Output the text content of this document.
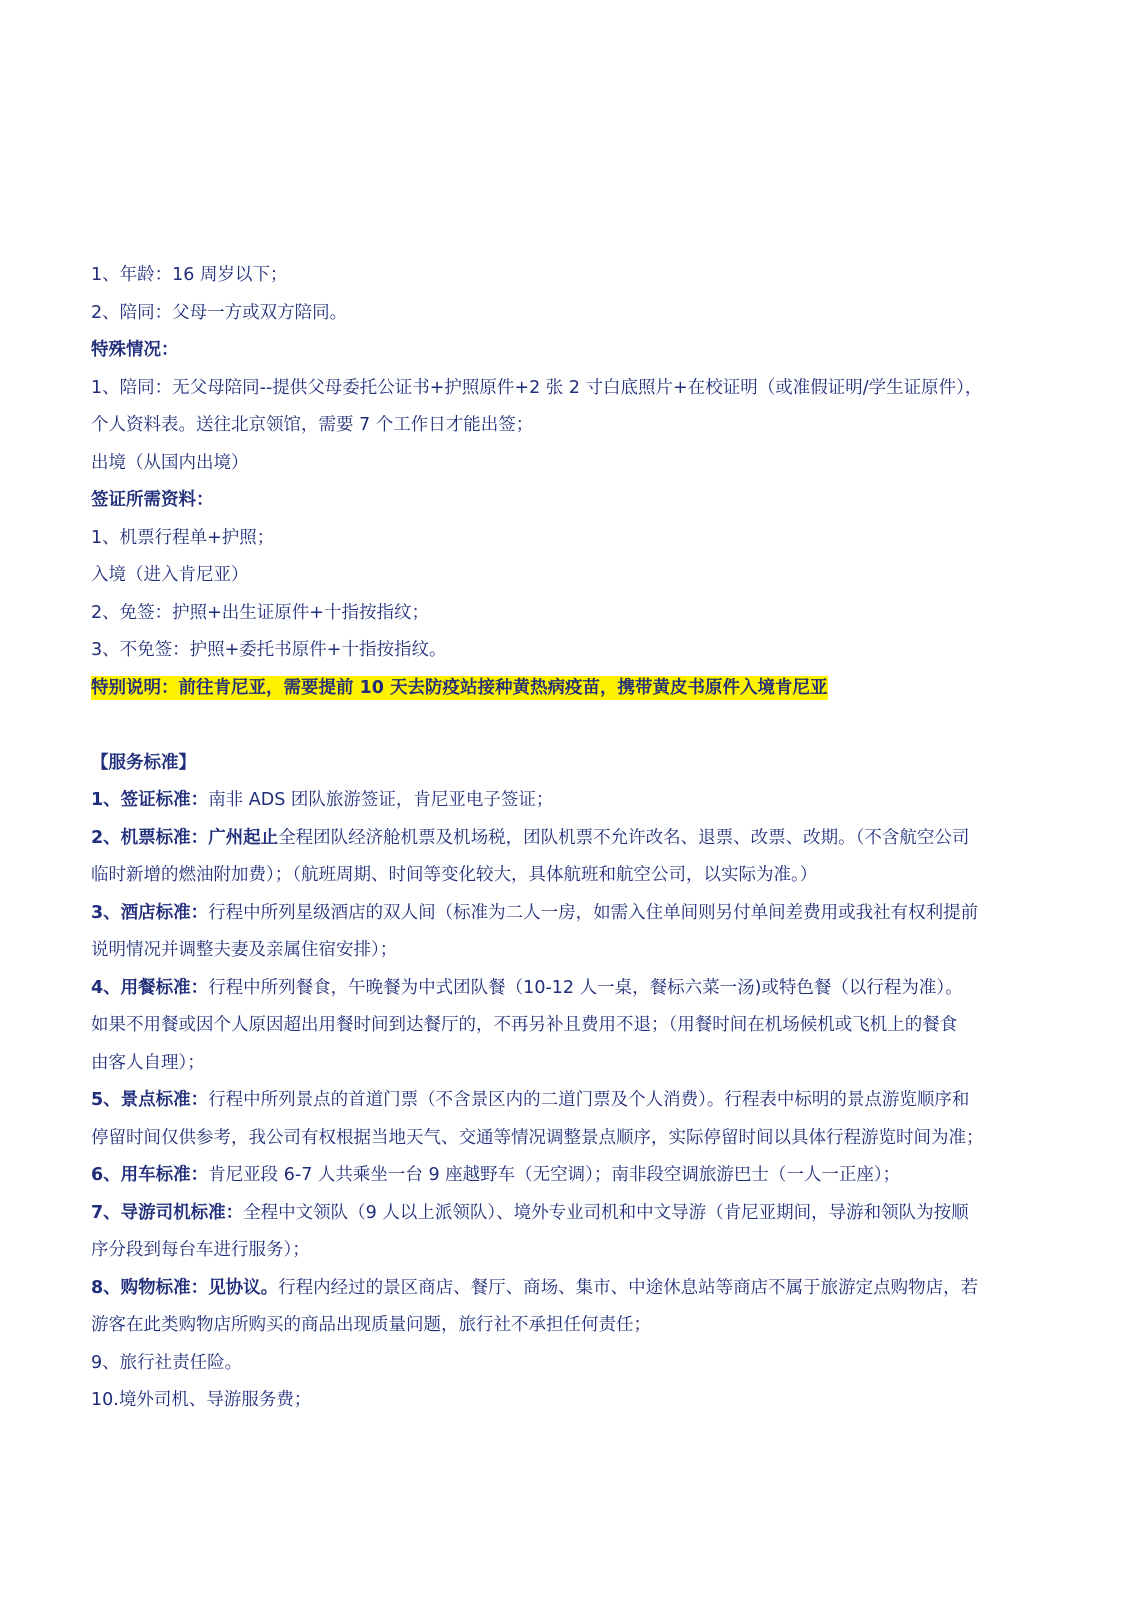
1、年龄：16 周岁以下；

2、陪同：父母一方或双方陪同。

特殊情况：

1、陪同：无父母陪同--提供父母委托公证书+护照原件+2 张 2 寸白底照片+在校证明（或准假证明/学生证原件），

个人资料表。送往北京领馆，需要 7 个工作日才能出签；

出境（从国内出境）

签证所需资料：

1、机票行程单+护照；

入境（进入肯尼亚）

2、免签：护照+出生证原件+十指按指纹；

3、不免签：护照+委托书原件+十指按指纹。

特别说明：前往肯尼亚，需要提前 10 天去防疫站接种黄热病疫苗，携带黄皮书原件入境肯尼亚

【服务标准】

1、签证标准：南非 ADS 团队旅游签证，肯尼亚电子签证；

2、机票标准：广州起止全程团队经济舱机票及机场税，团队机票不允许改名、退票、改票、改期。（不含航空公司

临时新增的燃油附加费）；（航班周期、时间等变化较大，具体航班和航空公司，以实际为准。）

3、酒店标准：行程中所列星级酒店的双人间（标准为二人一房，如需入住单间则另付单间差费用或我社有权利提前

说明情况并调整夫妻及亲属住宿安排）；

4、用餐标准：行程中所列餐食，午晚餐为中式团队餐（10-12 人一桌，餐标六菜一汤)或特色餐（以行程为准）。

如果不用餐或因个人原因超出用餐时间到达餐厅的，不再另补且费用不退；（用餐时间在机场候机或飞机上的餐食

由客人自理）；

5、景点标准：行程中所列景点的首道门票（不含景区内的二道门票及个人消费）。行程表中标明的景点游览顺序和

停留时间仅供参考，我公司有权根据当地天气、交通等情况调整景点顺序，实际停留时间以具体行程游览时间为准；

6、用车标准：肯尼亚段 6-7 人共乘坐一台 9 座越野车（无空调）；南非段空调旅游巴士（一人一正座）；

7、导游司机标准：全程中文领队（9 人以上派领队）、境外专业司机和中文导游（肯尼亚期间，导游和领队为按顺

序分段到每台车进行服务）；

8、购物标准：见协议。行程内经过的景区商店、餐厅、商场、集市、中途休息站等商店不属于旅游定点购物店，若

游客在此类购物店所购买的商品出现质量问题，旅行社不承担任何责任；

9、旅行社责任险。

10.境外司机、导游服务费；
